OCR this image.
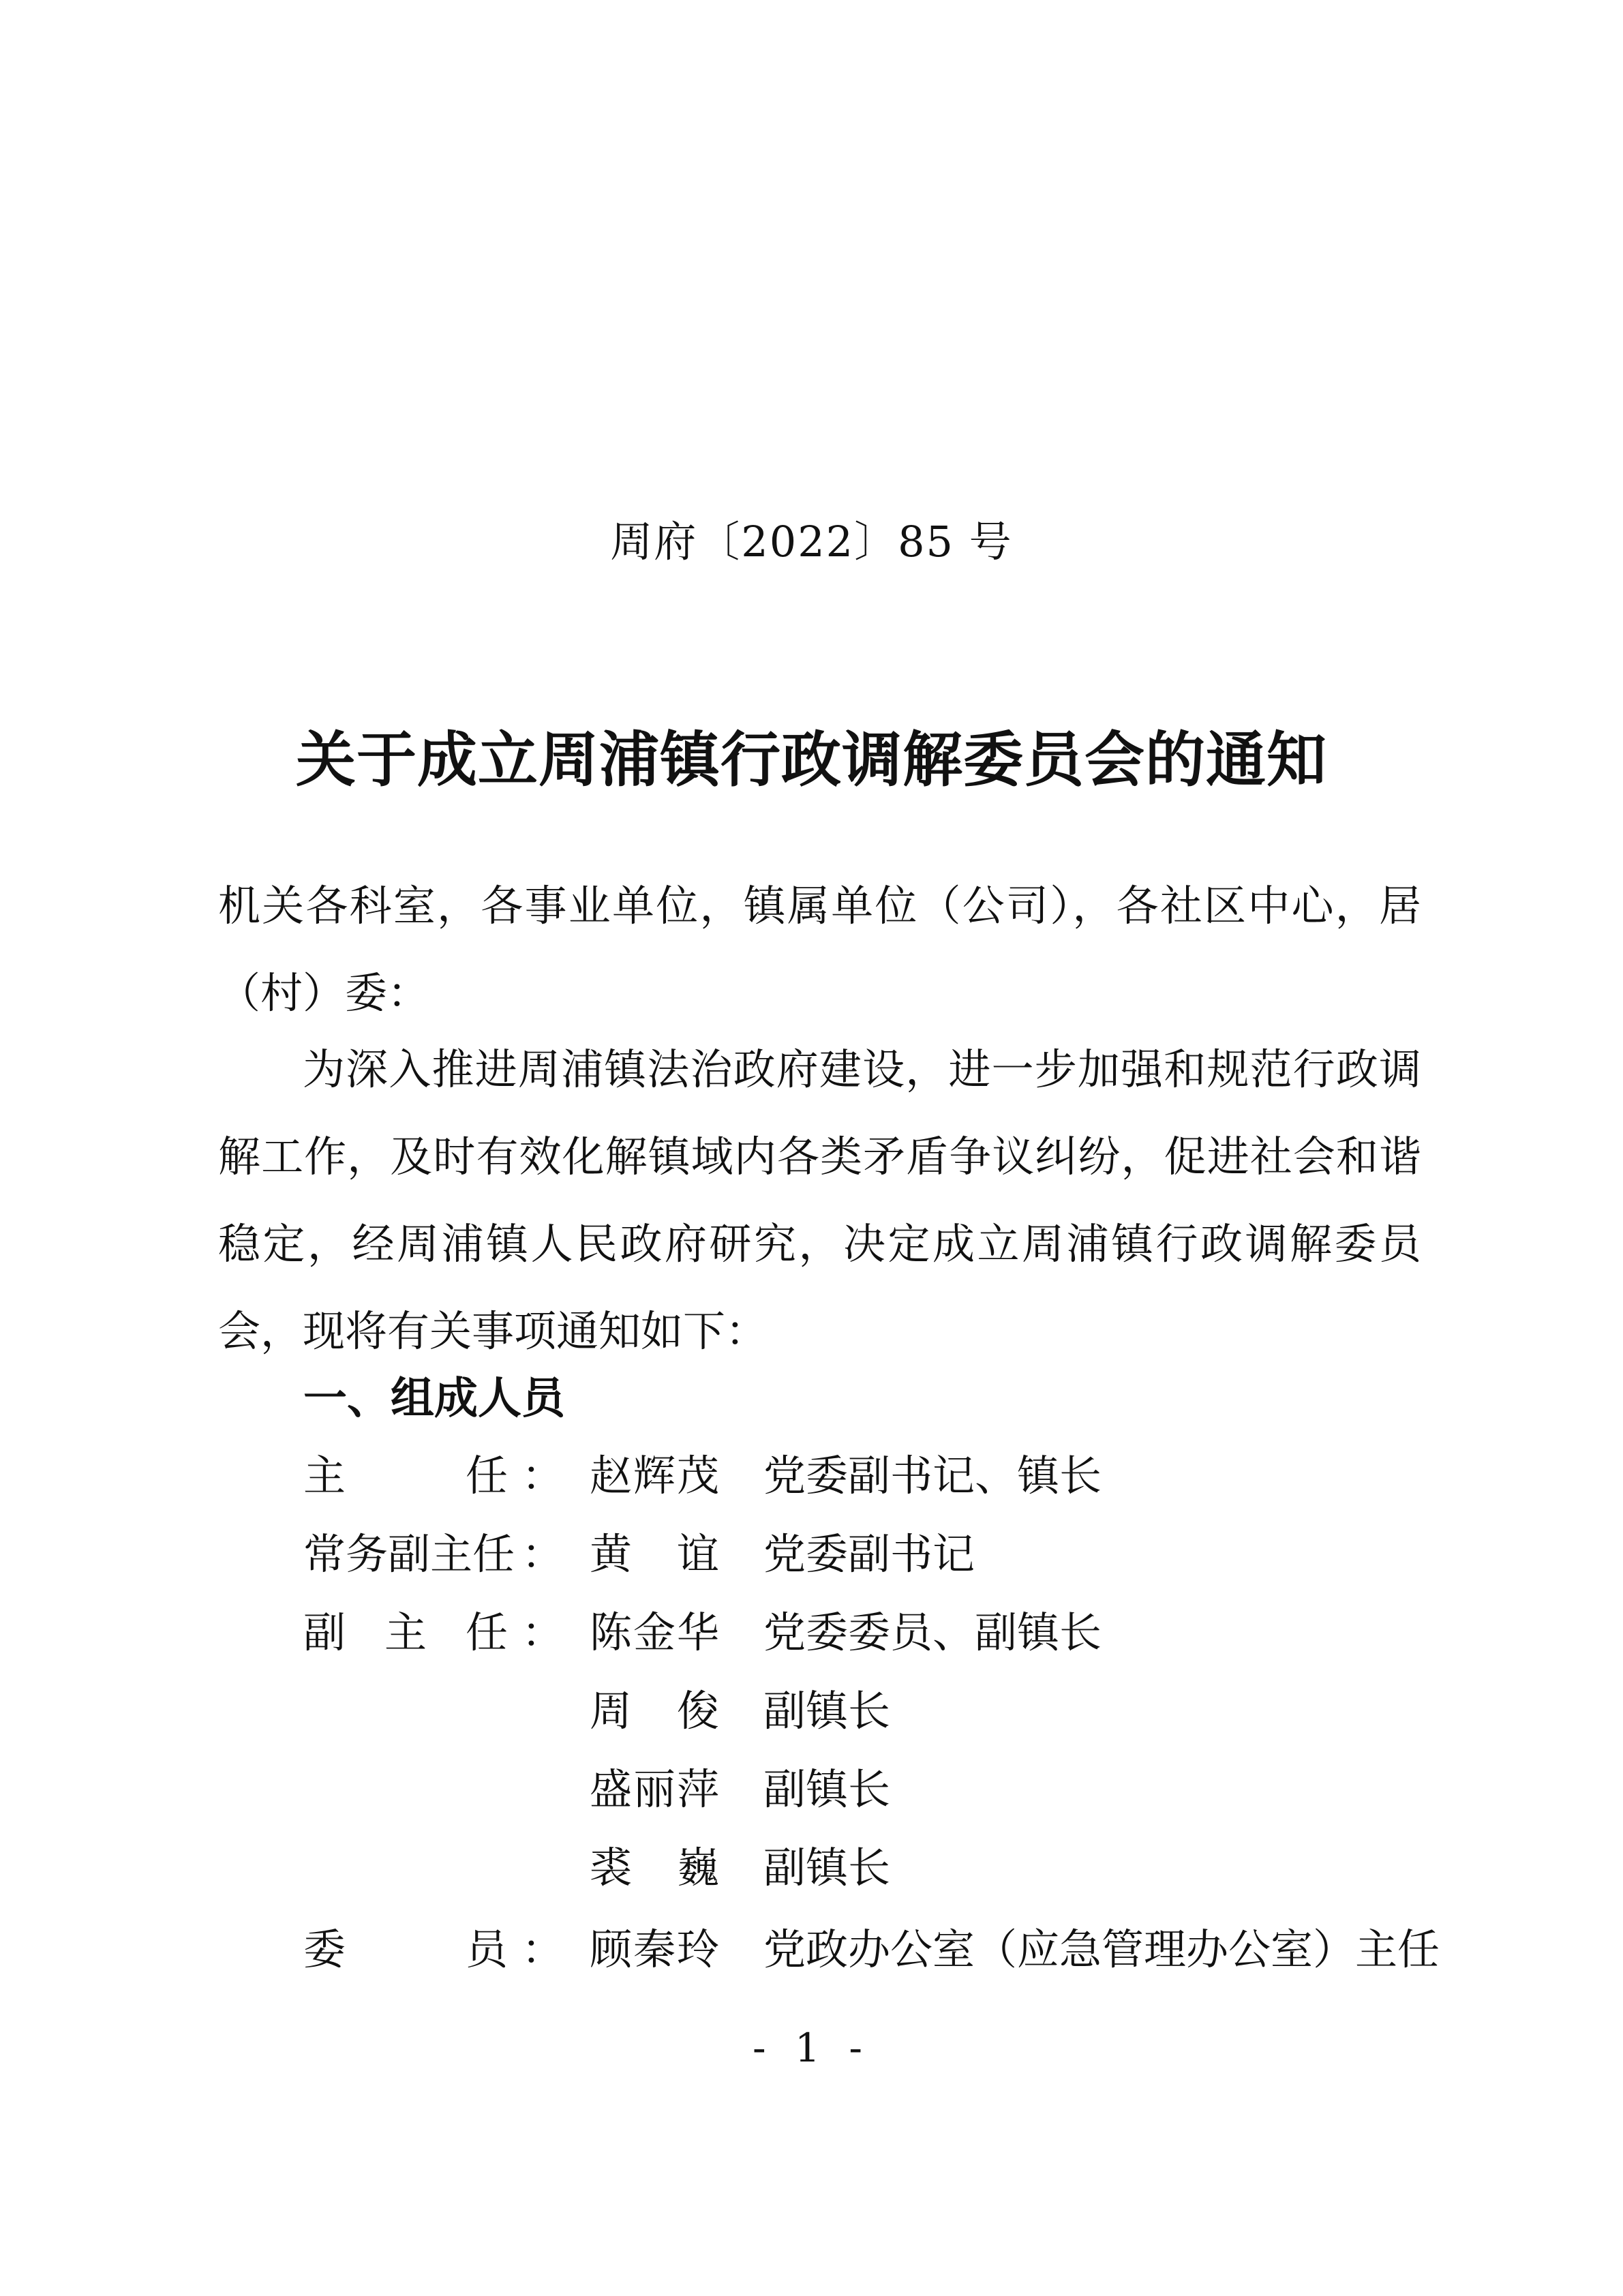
周府〔2022〕85 号
关于成立周浦镇行政调解委员会的通知
机关各科室，各事业单位，镇属单位（公司），各社区中心，居（村）委：
为深入推进周浦镇法治政府建设，进一步加强和规范行政调解工作，及时有效化解镇域内各类矛盾争议纠纷，促进社会和谐稳定，经周浦镇人民政府研究，决定成立周浦镇行政调解委员会，现将有关事项通知如下：
一、组成人员
主	任 ： 赵 辉 茂 党委副书记、镇长
常 务 副 主 任 ： 黄 谊 党委副书记
副 主 任 ： 陈 金 华 党委委员、副镇长
周 俊 副镇长
盛 丽 萍 副镇长
裘 巍 副镇长
委	员 ： 顾 秦 玲 党政办公室（应急管理办公室）主任
- 1 -
